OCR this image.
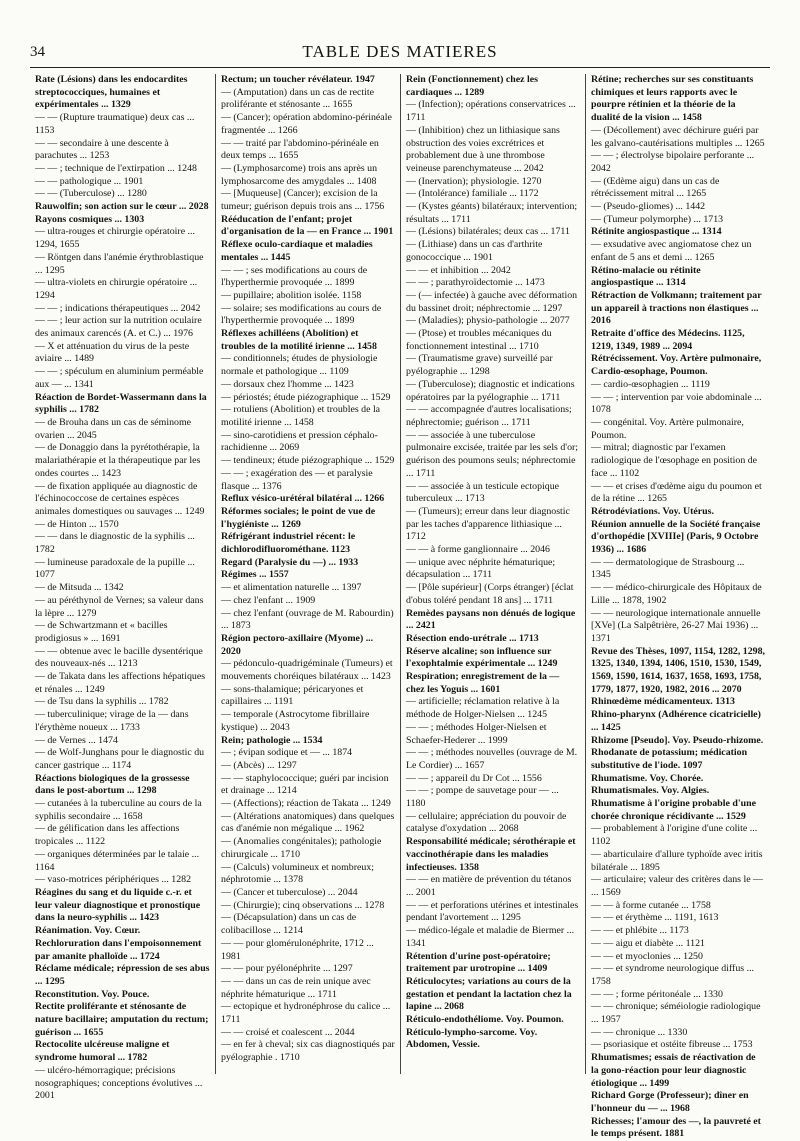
34	TABLE DES MATIERES

Rate (Lésions) dans les endocardites streptococciques, humaines et expérimentales ... 1329

— — (Rupture traumatique) deux cas ... 1153

— — secondaire à une descente à parachutes ... 1253

— — ; technique de l'extirpation ... 1248

— — pathologique ... 1901

— — (Tuberculose) ... 1280

Rauwolfin; son action sur le cœur ... 2028

Rayons cosmiques ... 1303

— ultra-rouges et chirurgie opératoire ... 1294, 1655

— Röntgen dans l'anémie érythroblastique ... 1295

— ultra-violets en chirurgie opératoire ... 1294

— — ; indications thérapeutiques ... 2042

— — ; leur action sur la nutrition oculaire des animaux carencés (A. et C.) ... 1976

— X et atténuation du virus de la peste aviaire ... 1489

— — ; spéculum en aluminium perméable aux — ... 1341

Réaction de Bordet-Wassermann dans la syphilis ... 1782

— de Brouha dans un cas de séminome ovarien ... 2045

— de Donaggio dans la pyrétothérapie, la malariathérapie et la thérapeutique par les ondes courtes ... 1423

— de fixation appliquée au diagnostic de l'échinococcose de certaines espèces animales domestiques ou sauvages ... 1249

— de Hinton ... 1570

— — dans le diagnostic de la syphilis ... 1782

— lumineuse paradoxale de la pupille ... 1077

— de Mitsuda ... 1342

— au péréthynol de Vernes; sa valeur dans la lèpre ... 1279

— de Schwartzmann et « bacilles prodigiosus » ... 1691

— — obtenue avec le bacille dysentérique des nouveaux-nés ... 1213

— de Takata dans les affections hépatiques et rénales ... 1249

— de Tsu dans la syphilis ... 1782

— tuberculinique; virage de la — dans l'érythème noueux ... 1733

— de Vernes ... 1474

— de Wolf-Junghans pour le diagnostic du cancer gastrique ... 1174

Réactions biologiques de la grossesse dans le post-abortum ... 1298

— cutanées à la tuberculine au cours de la syphilis secondaire ... 1658

— de gélification dans les affections tropicales ... 1122

— organiques déterminées par le talaie ... 1164

— vaso-motrices périphériques ... 1282

Réagines du sang et du liquide c.-r. et leur valeur diagnostique et pronostique dans la neuro-syphilis ... 1423

Réanimation. Voy. Cœur.

Rechloruration dans l'empoisonnement par amanite phalloïde ... 1724

Réclame médicale; répression de ses abus ... 1295

Reconstitution. Voy. Pouce.

Rectite proliférante et sténosante de nature bacillaire; amputation du rectum; guérison ... 1655

Rectocolite ulcéreuse maligne et syndrome humoral ... 1782

— ulcéro-hémorragique; précisions nosographiques; conceptions évolutives ... 2001

Rectum; un toucher révélateur. 1947

— (Amputation) dans un cas de rectite proliférante et sténosante ... 1655

— (Cancer); opération abdomino-périnéale fragmentée ... 1266

— — traité par l'abdomino-périnéale en deux temps ... 1655

— (Lymphosarcome) trois ans après un lymphosarcome des amygdales ... 1408

— [Muqueuse] (Cancer); excision de la tumeur; guérison depuis trois ans ... 1756

Rééducation de l'enfant; projet d'organisation de la — en France ... 1901

Réflexe oculo-cardiaque et maladies mentales ... 1445

— — ; ses modifications au cours de l'hyperthermie provoquée ... 1899

— pupillaire; abolition isolée. 1158

— solaire; ses modifications au cours de l'hyperthermie provoquée ... 1899

Réflexes achilléens (Abolition) et troubles de la motilité irienne ... 1458

— conditionnels; études de physiologie normale et pathologique ... 1109

— dorsaux chez l'homme ... 1423

— périostés; étude piézographique ... 1529

— rotuliens (Abolition) et troubles de la motilité irienne ... 1458

— sino-carotidiens et pression céphalo-rachidienne ... 2069

— tendineux; étude piézographique ... 1529

— — ; exagération des — et paralysie flasque ... 1376

Reflux vésico-urétéral bilatéral ... 1266

Réformes sociales; le point de vue de l'hygiéniste ... 1269

Réfrigérant industriel récent: le dichlorodifluorométhane. 1123

Regard (Paralysie du —) ... 1933

Régimes ... 1557

— et alimentation naturelle ... 1397

— chez l'enfant ... 1909

— chez l'enfant (ouvrage de M. Rabourdin) ... 1873

Région pectoro-axillaire (Myome) ... 2020

— pédonculo-quadrigéminale (Tumeurs) et mouvements choréiques bilatéraux ... 1423

— sons-thalamique; péricaryones et capillaires ... 1191

— temporale (Astrocytome fibrillaire kystique) ... 2043

Rein; pathologie ... 1534

— ; évipan sodique et — ... 1874

— (Abcès) ... 1297

— — staphylococcique; guéri par incision et drainage ... 1214

— (Affections); réaction de Takata ... 1249

— (Altérations anatomiques) dans quelques cas d'anémie non mégalique ... 1962

— (Anomalies congénitales); pathologie chirurgicale ... 1710

— (Calculs) volumineux et nombreux; néphrotomie ... 1378

— (Cancer et tuberculose) ... 2044

— (Chirurgie); cinq observations ... 1278

— (Décapsulation) dans un cas de colibacillose ... 1214

— — pour glomérulonéphrite, 1712 ... 1981

— — pour pyélonéphrite ... 1297

— — dans un cas de rein unique avec néphrite hématurique ... 1711

— ectopique et hydronéphrose du calice ... 1711

— — croisé et coalescent ... 2044

— en fer à cheval; six cas diagnostiqués par pyélographie . 1710

Rein (Fonctionnement) chez les cardiaques ... 1289

— (Infection); opérations conservatrices ... 1711

— (Inhibition) chez un lithiasique sans obstruction des voies excrétrices et probablement due à une thrombose veineuse parenchymateuse ... 2042

— (Inervation); physiologie. 1270

— (Intolérance) familiale ... 1172

— (Kystes géants) bilatéraux; intervention; résultats ... 1711

— (Lésions) bilatérales; deux cas ... 1711

— (Lithiase) dans un cas d'arthrite gonococcique ... 1901

— — et inhibition ... 2042

— — ; parathyroïdectomie ... 1473

— (— infectée) à gauche avec déformation du bassinet droit; néphrectomie ... 1297

— (Maladies); physio-pathologie ... 2077

— (Ptose) et troubles mécaniques du fonctionnement intestinal ... 1710

— (Traumatisme grave) surveillé par pyélographie ... 1298

— (Tuberculose); diagnostic et indications opératoires par la pyélographie ... 1711

— — accompagnée d'autres localisations; néphrectomie; guérison ... 1711

— — associée à une tuberculose pulmonaire excisée, traitée par les sels d'or; guérison des poumons seuls; néphrectomie ... 1711

— — associée à un testicule ectopique tuberculeux ... 1713

— (Tumeurs); erreur dans leur diagnostic par les taches d'apparence lithiasique ... 1712

— — à forme ganglionnaire ... 2046

— unique avec néphrite hématurique; décapsulation ... 1711

— [Pôle supérieur] (Corps étranger) [éclat d'obus toléré pendant 18 ans] ... 1711

Remèdes paysans non dénués de logique ... 2421

Résection endo-urétrale ... 1713

Réserve alcaline; son influence sur l'exophtalmie expérimentale ... 1249

Respiration; enregistrement de la — chez les Yoguis ... 1601

— artificielle; réclamation relative à la méthode de Holger-Nielsen ... 1245

— — ; méthodes Holger-Nielsen et Schaefer-Hederer ... 1999

— — ; méthodes nouvelles (ouvrage de M. Le Cordier) ... 1657

— — ; appareil du Dr Cot ... 1556

— — ; pompe de sauvetage pour — ... 1180

— cellulaire; appréciation du pouvoir de catalyse d'oxydation ... 2068

Responsabilité médicale; sérothérapie et vaccinothérapie dans les maladies infectieuses. 1358

— — en matière de prévention du tétanos ... 2001

— — et perforations utérines et intestinales pendant l'avortement ... 1295

— médico-légale et maladie de Biermer ... 1341

Rétention d'urine post-opératoire; traitement par urotropine ... 1409

Réticulocytes; variations au cours de la gestation et pendant la lactation chez la lapine ... 2068

Réticulo-endothéliome. Voy. Poumon.

Réticulo-lympho-sarcome. Voy. Abdomen, Vessie.

Rétine; recherches sur ses constituants chimiques et leurs rapports avec le pourpre rétinien et la théorie de la dualité de la vision ... 1458

— (Décollement) avec déchirure guéri par les galvano-cautérisations multiples ... 1265

— — ; électrolyse bipolaire perforante ... 2042

— (Œdème aigu) dans un cas de rétrécissement mitral ... 1265

— (Pseudo-gliomes) ... 1442

— (Tumeur polymorphe) ... 1713

Rétinite angiospastique ... 1314

— exsudative avec angiomatose chez un enfant de 5 ans et demi ... 1265

Rétino-malacie ou rétinite angiospastique ... 1314

Rétraction de Volkmann; traitement par un appareil à tractions non élastiques ... 2016

Retraite d'office des Médecins. 1125, 1219, 1349, 1989 ... 2094

Rétrécissement. Voy. Artère pulmonaire, Cardio-œsophage, Poumon.

— cardio-œsophagien ... 1119

— — ; intervention par voie abdominale ... 1078

— congénital. Voy. Artère pulmonaire, Poumon.

— mitral; diagnostic par l'examen radiologique de l'œsophage en position de face ... 1102

— — et crises d'œdème aigu du poumon et de la rétine ... 1265

Rétrodéviations. Voy. Utérus.

Réunion annuelle de la Société française d'orthopédie [XVIIIe] (Paris, 9 Octobre 1936) ... 1686

— — dermatologique de Strasbourg ... 1345

— — médico-chirurgicale des Hôpitaux de Lille ... 1878, 1902

— — neurologique internationale annuelle [XVe] (La Salpêtrière, 26-27 Mai 1936) ... 1371

Revue des Thèses, 1097, 1154, 1282, 1298, 1325, 1340, 1394, 1406, 1510, 1530, 1549, 1569, 1590, 1614, 1637, 1658, 1693, 1758, 1779, 1877, 1920, 1982, 2016 ... 2070

Rhinœdème médicamenteux. 1313

Rhino-pharynx (Adhérence cicatricielle) ... 1425

Rhizome [Pseudo]. Voy. Pseudo-rhizome.

Rhodanate de potassium; médication substitutive de l'iode. 1097

Rhumatisme. Voy. Chorée.

Rhumatismales. Voy. Algies.

Rhumatisme à l'origine probable d'une chorée chronique récidivante ... 1529

— probablement à l'origine d'une colite ... 1102

— abarticulaire d'allure typhoïde avec iritis bilatérale ... 1895

— articulaire; valeur des critères dans le — ... 1569

— — à forme cutanée ... 1758

— — et érythème ... 1191, 1613

— — et phlébite ... 1173

— — aigu et diabète ... 1121

— — et myoclonies ... 1250

— — et syndrome neurologique diffus ... 1758

— — ; forme péritonéale ... 1330

— — chronique; séméiologie radiologique ... 1957

— — chronique ... 1330

— psoriasique et ostéite fibreuse ... 1753

Rhumatismes; essais de réactivation de la gono-réaction pour leur diagnostic étiologique ... 1499

Richard Gorge (Professeur); dîner en l'honneur du — ... 1968

Richesses; l'amour des —, la pauvreté et le temps présent. 1881
